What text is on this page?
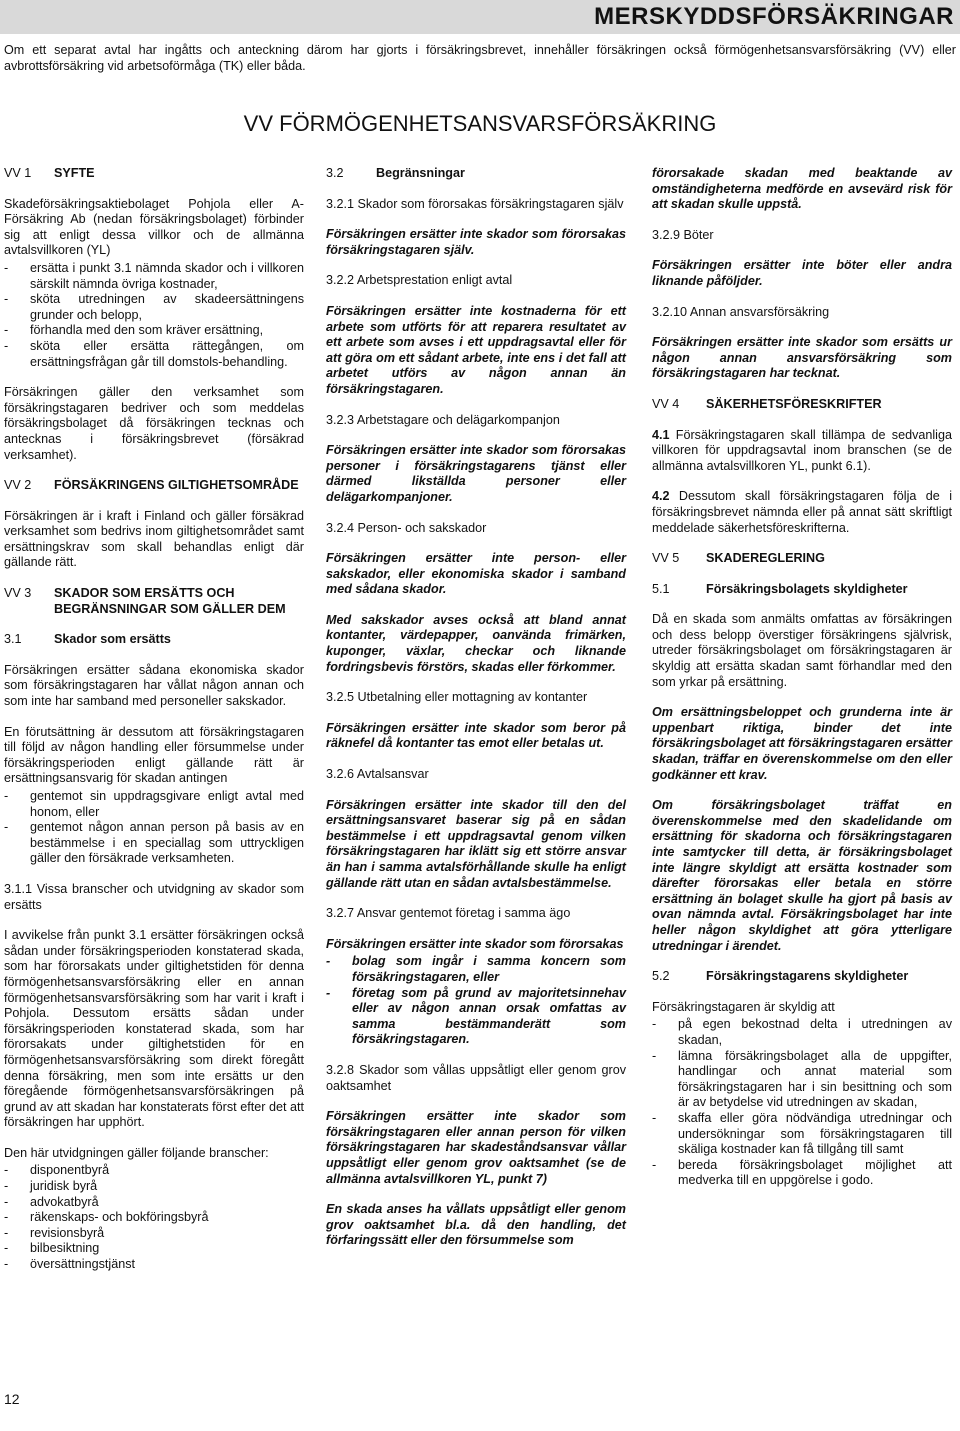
MERSKYDDSFÖRSÄKRINGAR
Om ett separat avtal har ingåtts och anteckning därom har gjorts i försäkringsbrevet, innehåller försäkringen också förmögenhetsansvarsförsäkring (VV) eller avbrottsförsäkring vid arbetsoförmåga (TK) eller båda.
VV FÖRMÖGENHETSANSVARSFÖRSÄKRING
VV 1	SYFTE

Skadeförsäkringsaktiebolaget Pohjola eller A-Försäkring Ab (nedan försäkringsbolaget) förbinder sig att enligt dessa villkor och de allmänna avtalsvillkoren (YL)

- ersätta i punkt 3.1 nämnda skador och i villkoren särskilt nämnda övriga kostnader,
- sköta utredningen av skadeersättningens grunder och belopp,
- förhandla med den som kräver ersättning,
- sköta eller ersätta rättegången, om ersättningsfrågan går till domstols-behandling.

Försäkringen gäller den verksamhet som försäkringstagaren bedriver och som meddelas försäkringsbolaget då försäkringen tecknas och antecknas i försäkringsbrevet (försäkrad verksamhet).

VV 2	FÖRSÄKRINGENS GILTIGHETSOMRÅDE

Försäkringen är i kraft i Finland och gäller försäkrad verksamhet som bedrivs inom giltighetsområdet samt ersättningskrav som skall behandlas enligt där gällande rätt.

VV 3	SKADOR SOM ERSÄTTS OCH BEGRÄNSNINGAR SOM GÄLLER DEM
3.1	Skador som ersätts

Försäkringen ersätter sådana ekonomiska skador som försäkringstagaren har vållat någon annan och som inte har samband med personeller sakskador.

En förutsättning är dessutom att försäkringstagaren till följd av någon handling eller försummelse under försäkringsperioden enligt gällande rätt är ersättningsansvarig för skadan antingen

- gentemot sin uppdragsgivare enligt avtal med honom, eller
- gentemot någon annan person på basis av en bestämmelse i en speciallag som uttryckligen gäller den försäkrade verksamheten.

3.1.1 Vissa branscher och utvidgning av skador som ersätts

I avvikelse från punkt 3.1 ersätter försäkringen också sådan under försäkringsperioden konstaterad skada, som har förorsakats under giltighetstiden för denna förmögenhetsansvarsförsäkring eller en annan förmögenhetsansvarsförsäkring som har varit i kraft i Pohjola. Dessutom ersätts sådan under försäkringsperioden konstaterad skada, som har förorsakats under giltighetstiden för en förmögenhetsansvarsförsäkring som direkt föregått denna försäkring, men som inte ersätts ur den föregående förmögenhetsansvarsförsäkringen på grund av att skadan har konstaterats först efter det att försäkringen har upphört.

Den här utvidgningen gäller följande branscher:

- disponentbyrå
- juridisk byrå
- advokatbyrå
- räkenskaps- och bokföringsbyrå
- revisionsbyrå
- bilbesiktning
- översättningstjänst
3.2	Begränsningar

3.2.1 Skador som förorsakas försäkringstagaren själv

Försäkringen ersätter inte skador som förorsakas försäkringstagaren själv.

3.2.2 Arbetsprestation enligt avtal

Försäkringen ersätter inte kostnaderna för ett arbete som utförts för att reparera resultatet av ett arbete som avses i ett uppdragsavtal eller för att göra om ett sådant arbete, inte ens i det fall att arbetet utförs av någon annan än försäkringstagaren.

3.2.3 Arbetstagare och delägarkompanjon

Försäkringen ersätter inte skador som förorsakas personer i försäkringstagarens tjänst eller därmed likställda personer eller delägarkompanjoner.

3.2.4 Person- och sakskador

Försäkringen ersätter inte person- eller sakskador, eller ekonomiska skador i samband med sådana skador.

Med sakskador avses också att bland annat kontanter, värdepapper, oanvända frimärken, kuponger, växlar, checkar och liknande fordringsbevis förstörs, skadas eller förkommer.

3.2.5 Utbetalning eller mottagning av kontanter

Försäkringen ersätter inte skador som beror på räknefel då kontanter tas emot eller betalas ut.

3.2.6 Avtalsansvar

Försäkringen ersätter inte skador till den del ersättningsansvaret baserar sig på en sådan bestämmelse i ett uppdragsavtal genom vilken försäkringstagaren har iklätt sig ett större ansvar än han i samma avtalsförhållande skulle ha enligt gällande rätt utan en sådan avtalsbestämmelse.

3.2.7 Ansvar gentemot företag i samma ägo

Försäkringen ersätter inte skador som förorsakas

- bolag som ingår i samma koncern som försäkringstagaren, eller
- företag som på grund av majoritetsinnehav eller av någon annan orsak omfattas av samma bestämmanderätt som försäkringstagaren.

3.2.8 Skador som vållas uppsåtligt eller genom grov oaktsamhet

Försäkringen ersätter inte skador som försäkringstagaren eller annan person för vilken försäkringstagaren har skadeståndsansvar vållar uppsåtligt eller genom grov oaktsamhet (se de allmänna avtalsvillkoren YL, punkt 7)

En skada anses ha vållats uppsåtligt eller genom grov oaktsamhet bl.a. då den handling, det förfaringssätt eller den försummelse som

förorsakade skadan med beaktande av omständigheterna medförde en avsevärd risk för att skadan skulle uppstå.

3.2.9 Böter

Försäkringen ersätter inte böter eller andra liknande påföljder.

3.2.10 Annan ansvarsförsäkring

Försäkringen ersätter inte skador som ersätts ur någon annan ansvarsförsäkring som försäkringstagaren har tecknat.

VV 4	SÄKERHETSFÖRESKRIFTER

4.1 Försäkringstagaren skall tillämpa de sedvanliga villkoren för uppdragsavtal inom branschen (se de allmänna avtalsvillkoren YL, punkt 6.1).

4.2 Dessutom skall försäkringstagaren följa de i försäkringsbrevet nämnda eller på annat sätt skriftligt meddelade säkerhetsföreskrifterna.

VV 5	SKADEREGLERING
5.1	Försäkringsbolagets skyldigheter

Då en skada som anmälts omfattas av försäkringen och dess belopp överstiger försäkringens självrisk, utreder försäkringsbolaget om försäkringstagaren är skyldig att ersätta skadan samt förhandlar med den som yrkar på ersättning.

Om ersättningsbeloppet och grunderna inte är uppenbart riktiga, binder det inte försäkringsbolaget att försäkringstagaren ersätter skadan, träffar en överenskommelse om den eller godkänner ett krav.

Om försäkringsbolaget träffat en överenskommelse med den skadelidande om ersättning för skadorna och försäkringstagaren inte samtycker till detta, är försäkringsbolaget inte längre skyldigt att ersätta kostnader som därefter förorsakas eller betala en större ersättning än bolaget skulle ha gjort på basis av ovan nämnda avtal. Försäkringsbolaget har inte heller någon skyldighet att göra ytterligare utredningar i ärendet.

5.2	Försäkringstagarens skyldigheter

Försäkringstagaren är skyldig att

- på egen bekostnad delta i utredningen av skadan,
- lämna försäkringsbolaget alla de uppgifter, handlingar och annat material som försäkringstagaren har i sin besittning och som är av betydelse vid utredningen av skadan,
- skaffa eller göra nödvändiga utredningar och undersökningar som försäkringstagaren till skäliga kostnader kan få tillgång till samt
- bereda försäkringsbolaget möjlighet att medverka till en uppgörelse i godo.
12
